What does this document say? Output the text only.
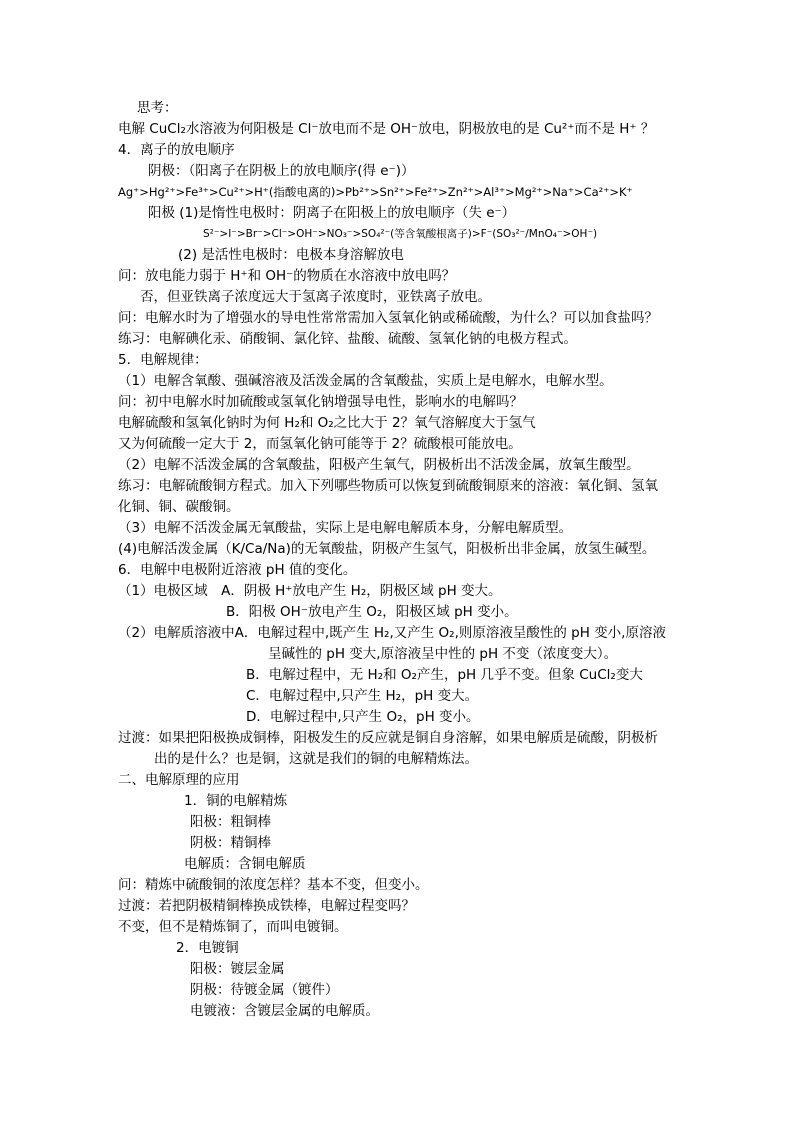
思考：
电解 CuCl₂水溶液为何阳极是 Cl⁻放电而不是 OH⁻放电，阴极放电的是 Cu²⁺而不是 H⁺ ？
4．离子的放电顺序
阴极：（阳离子在阴极上的放电顺序(得 e⁻)）
Ag⁺>Hg²⁺>Fe³⁺>Cu²⁺>H⁺(指酸电离的)>Pb²⁺>Sn²⁺>Fe²⁺>Zn²⁺>Al³⁺>Mg²⁺>Na⁺>Ca²⁺>K⁺
阳极 (1)是惰性电极时：阴离子在阳极上的放电顺序（失 e⁻）
S²⁻>I⁻>Br⁻>Cl⁻>OH⁻>NO₃⁻>SO₄²⁻(等含氧酸根离子)>F⁻(SO₃²⁻/MnO₄⁻>OH⁻)
(2) 是活性电极时：电极本身溶解放电
问：放电能力弱于 H⁺和 OH⁻的物质在水溶液中放电吗？
否，但亚铁离子浓度远大于氢离子浓度时，亚铁离子放电。
问：电解水时为了增强水的导电性常常需加入氢氧化钠或稀硫酸，为什么？可以加食盐吗？
练习：电解碘化汞、硝酸铜、氯化锌、盐酸、硫酸、氢氧化钠的电极方程式。
5．电解规律：
（1）电解含氧酸、强碱溶液及活泼金属的含氧酸盐，实质上是电解水，电解水型。
问：初中电解水时加硫酸或氢氧化钠增强导电性，影响水的电解吗？
电解硫酸和氢氧化钠时为何 H₂和 O₂之比大于 2？氧气溶解度大于氢气
又为何硫酸一定大于 2，而氢氧化钠可能等于 2？硫酸根可能放电。
（2）电解不活泼金属的含氧酸盐，阳极产生氧气，阴极析出不活泼金属，放氧生酸型。
练习：电解硫酸铜方程式。加入下列哪些物质可以恢复到硫酸铜原来的溶液：氧化铜、氢氧
化铜、铜、碳酸铜。
（3）电解不活泼金属无氧酸盐，实际上是电解电解质本身，分解电解质型。
(4)电解活泼金属（K/Ca/Na)的无氧酸盐，阴极产生氢气，阳极析出非金属，放氢生碱型。
6．电解中电极附近溶液 pH 值的变化。
（1）电极区域　A．阴极 H⁺放电产生 H₂，阴极区域 pH 变大。
B．阳极 OH⁻放电产生 O₂，阳极区域 pH 变小。
（2）电解质溶液中A．电解过程中,既产生 H₂,又产生 O₂,则原溶液呈酸性的 pH 变小,原溶液
呈碱性的 pH 变大,原溶液呈中性的 pH 不变（浓度变大）。
B．电解过程中，无 H₂和 O₂产生，pH 几乎不变。但象 CuCl₂变大
C．电解过程中,只产生 H₂，pH 变大。
D．电解过程中,只产生 O₂，pH 变小。
过渡：如果把阳极换成铜棒，阳极发生的反应就是铜自身溶解，如果电解质是硫酸，阴极析
出的是什么？也是铜，这就是我们的铜的电解精炼法。
二、电解原理的应用
1．铜的电解精炼
阳极：粗铜棒
阴极：精铜棒
电解质：含铜电解质
问：精炼中硫酸铜的浓度怎样？基本不变，但变小。
过渡：若把阴极精铜棒换成铁棒，电解过程变吗？
不变，但不是精炼铜了，而叫电镀铜。
2．电镀铜
阳极：镀层金属
阴极：待镀金属（镀件）
电镀液：含镀层金属的电解质。
